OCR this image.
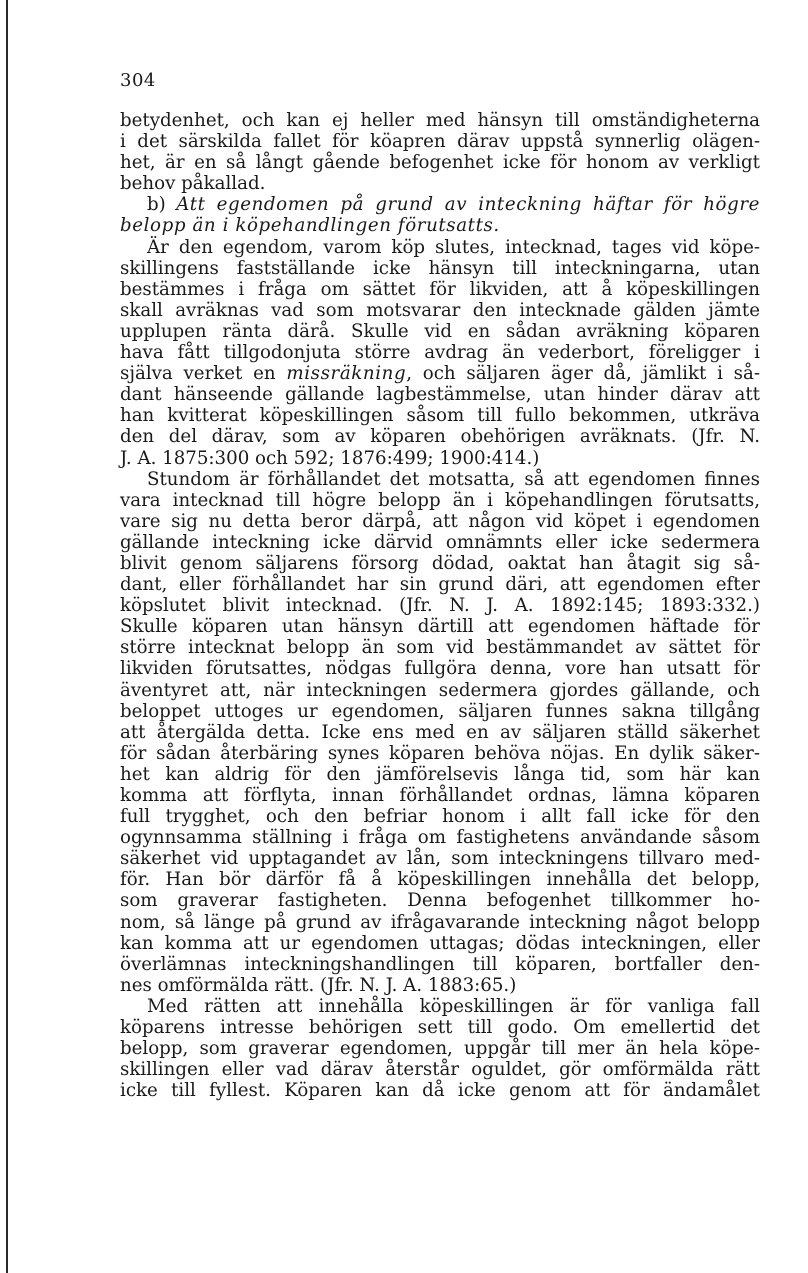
304
betydenhet, och kan ej heller med hänsyn till omständigheterna
i det särskilda fallet för köapren därav uppstå synnerlig olägen-
het, är en så långt gående befogenhet icke för honom av verkligt
behov påkallad.
b) Att egendomen på grund av inteckning häftar för högre
belopp än i köpehandlingen förutsatts.
Är den egendom, varom köp slutes, intecknad, tages vid köpe-
skillingens fastställande icke hänsyn till inteckningarna, utan
bestämmes i fråga om sättet för likviden, att å köpeskillingen
skall avräknas vad som motsvarar den intecknade gälden jämte
upplupen ränta därå. Skulle vid en sådan avräkning köparen
hava fått tillgodonjuta större avdrag än vederbort, föreligger i
själva verket en missräkning, och säljaren äger då, jämlikt i så-
dant hänseende gällande lagbestämmelse, utan hinder därav att
han kvitterat köpeskillingen såsom till fullo bekommen, utkräva
den del därav, som av köparen obehörigen avräknats. (Jfr. N.
J. A. 1875:300 och 592; 1876:499; 1900:414.)
Stundom är förhållandet det motsatta, så att egendomen finnes
vara intecknad till högre belopp än i köpehandlingen förutsatts,
vare sig nu detta beror därpå, att någon vid köpet i egendomen
gällande inteckning icke därvid omnämnts eller icke sedermera
blivit genom säljarens försorg dödad, oaktat han åtagit sig så-
dant, eller förhållandet har sin grund däri, att egendomen efter
köpslutet blivit intecknad. (Jfr. N. J. A. 1892:145; 1893:332.)
Skulle köparen utan hänsyn därtill att egendomen häftade för
större intecknat belopp än som vid bestämmandet av sättet för
likviden förutsattes, nödgas fullgöra denna, vore han utsatt för
äventyret att, när inteckningen sedermera gjordes gällande, och
beloppet uttoges ur egendomen, säljaren funnes sakna tillgång
att återgälda detta. Icke ens med en av säljaren ställd säkerhet
för sådan återbäring synes köparen behöva nöjas. En dylik säker-
het kan aldrig för den jämförelsevis långa tid, som här kan
komma att förflyta, innan förhållandet ordnas, lämna köparen
full trygghet, och den befriar honom i allt fall icke för den
ogynnsamma ställning i fråga om fastighetens användande såsom
säkerhet vid upptagandet av lån, som inteckningens tillvaro med-
för. Han bör därför få å köpeskillingen innehålla det belopp,
som graverar fastigheten. Denna befogenhet tillkommer ho-
nom, så länge på grund av ifrågavarande inteckning något belopp
kan komma att ur egendomen uttagas; dödas inteckningen, eller
överlämnas inteckningshandlingen till köparen, bortfaller den-
nes omförmälda rätt. (Jfr. N. J. A. 1883:65.)
Med rätten att innehålla köpeskillingen är för vanliga fall
köparens intresse behörigen sett till godo. Om emellertid det
belopp, som graverar egendomen, uppgår till mer än hela köpe-
skillingen eller vad därav återstår oguldet, gör omförmälda rätt
icke till fyllest. Köparen kan då icke genom att för ändamålet
